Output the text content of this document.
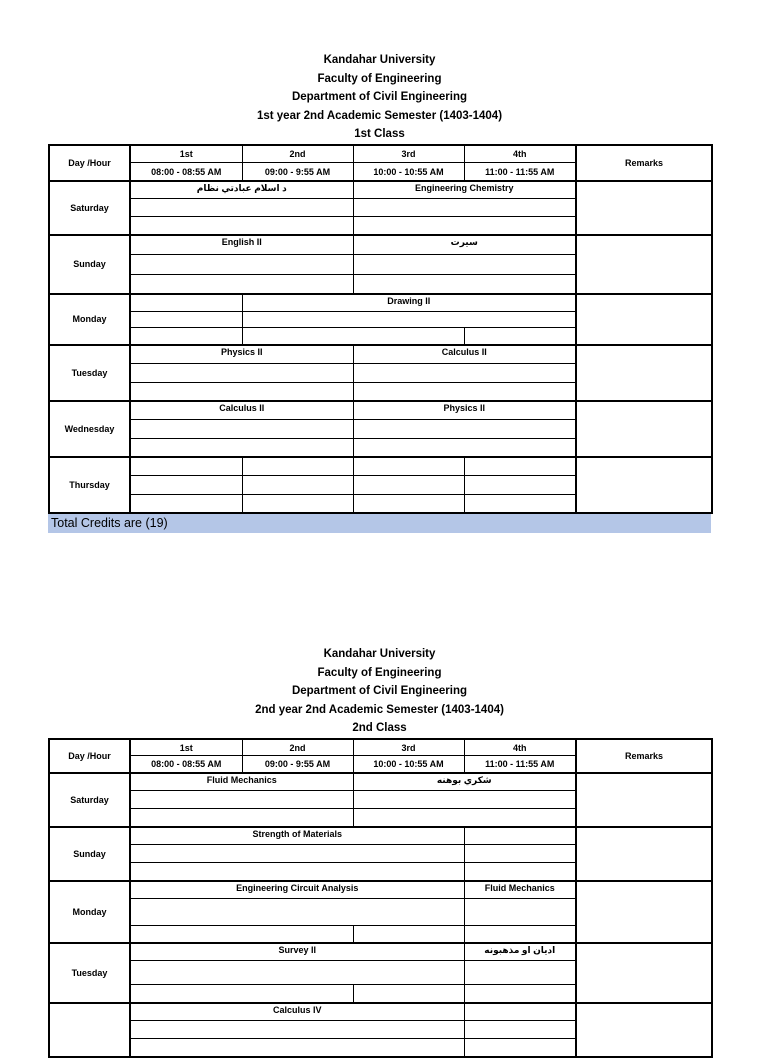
Kandahar University
Faculty of Engineering
Department of Civil Engineering
1st year 2nd Academic Semester (1403-1404)
1st Class
Day /Hour	1st	2nd	3rd	4th	Remarks
	08:00 - 08:55 AM	09:00 - 9:55 AM	10:00 - 10:55 AM	11:00 - 11:55 AM	
Saturday	د اسلام عبادتي نظام		Engineering Chemistry		

Sunday	English II		سيرت		

Monday		Drawing II			

Tuesday	Physics II		Calculus II		

Wednesday	Calculus II		Physics II		

Thursday					

Total Credits are (19)
Kandahar University
Faculty of Engineering
Department of Civil Engineering
2nd year 2nd Academic Semester (1403-1404)
2nd Class
Day /Hour	1st	2nd	3rd	4th	Remarks
	08:00 - 08:55 AM	09:00 - 9:55 AM	10:00 - 10:55 AM	11:00 - 11:55 AM	
Saturday	Fluid Mechanics		شکري بوهنه		

Sunday	Strength of Materials				

Monday	Engineering Circuit Analysis			Fluid Mechanics	

Tuesday	Survey II			اديان او مذهبونه	

	Calculus IV				
